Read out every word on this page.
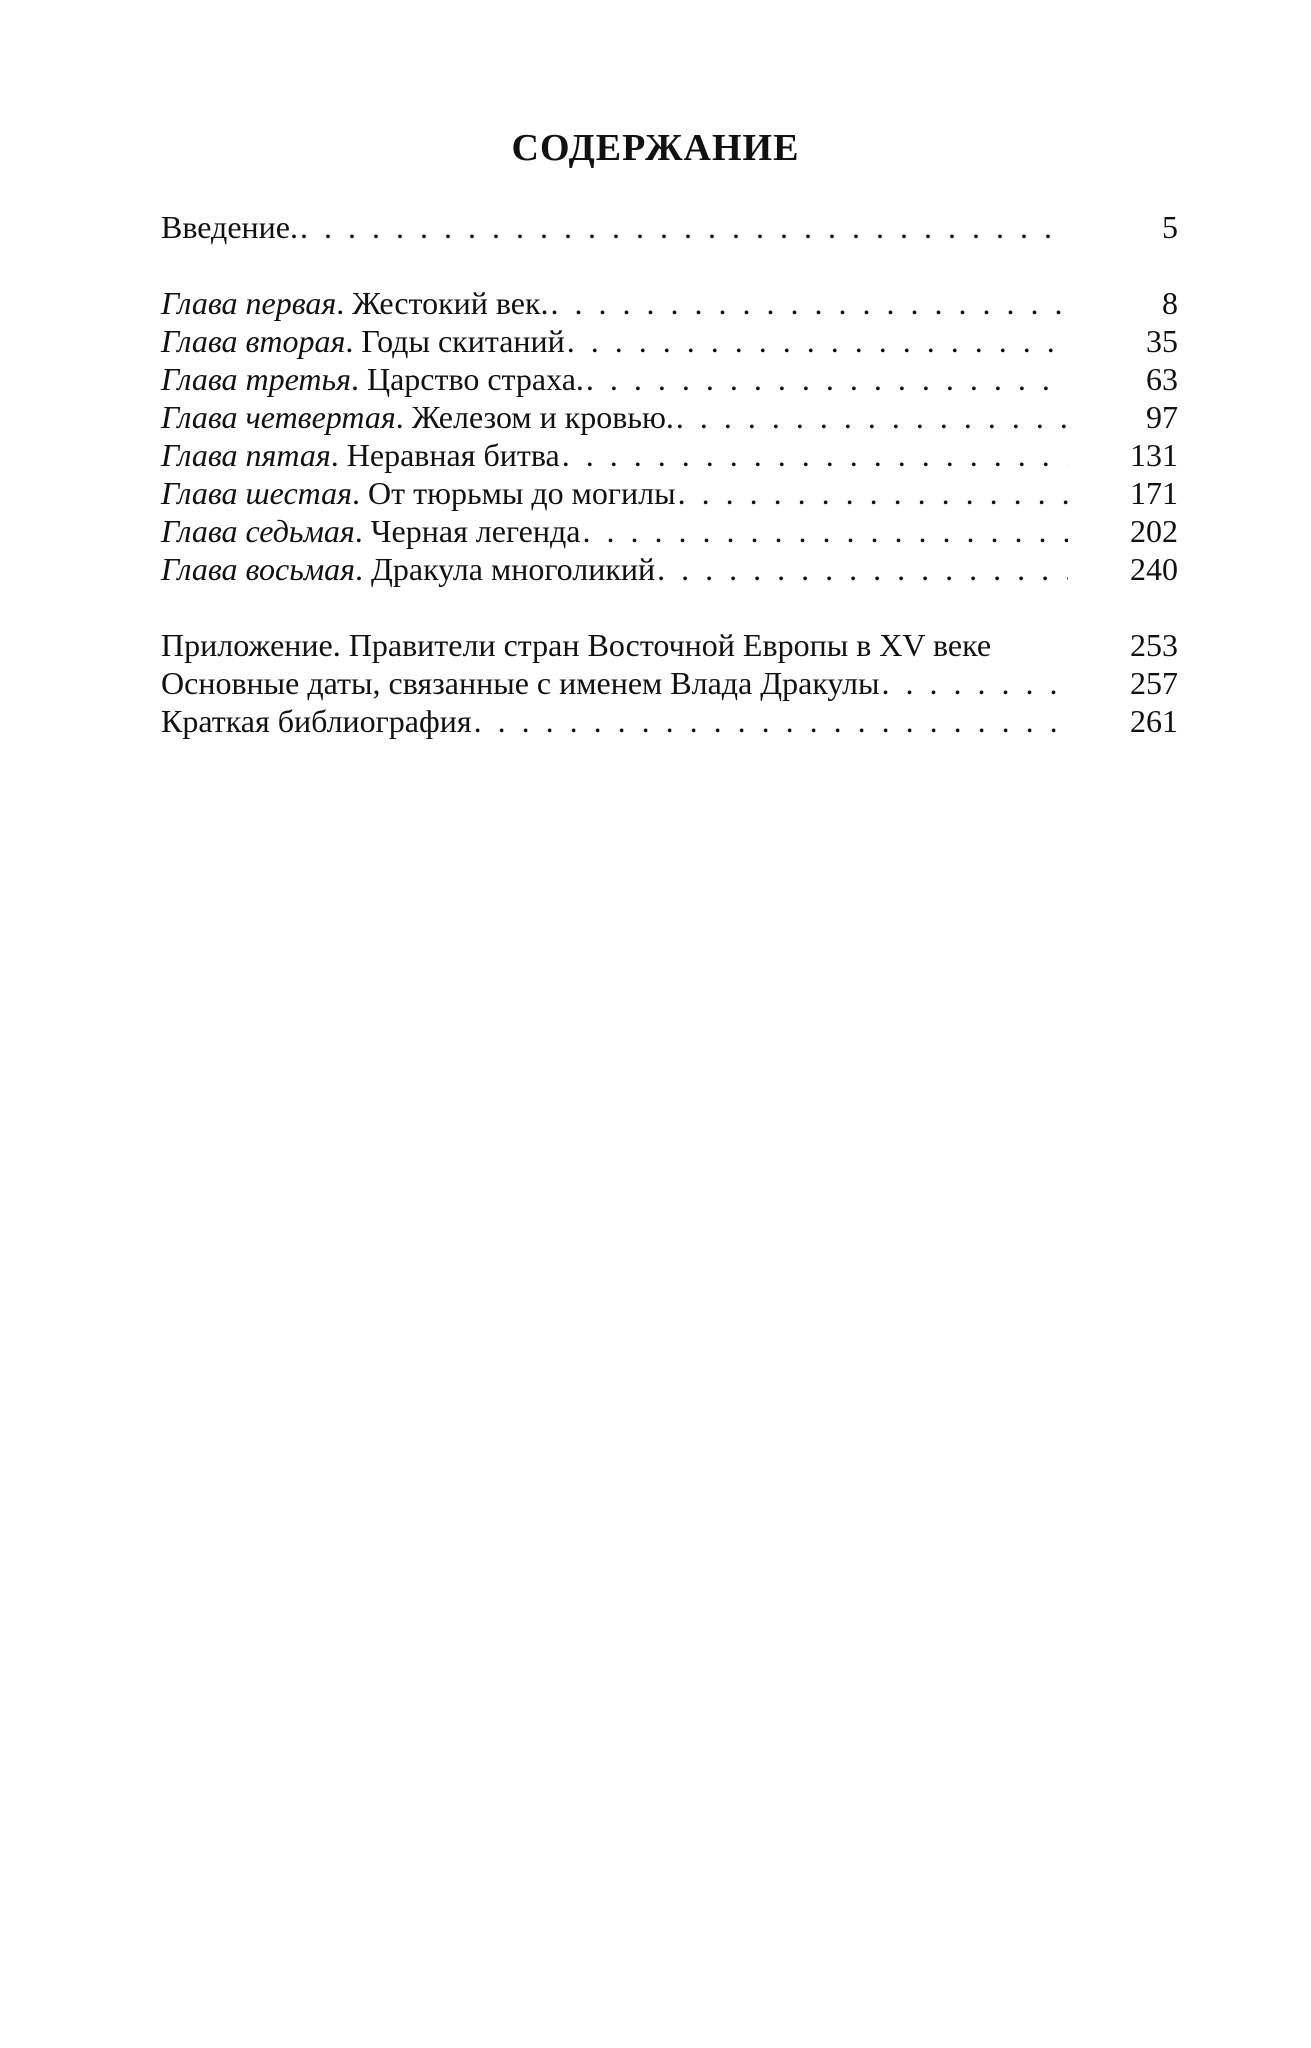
СОДЕРЖАНИЕ
Введение. . . .	5
Глава первая. Жестокий век. . . .	8
Глава вторая. Годы скитаний . . .	35
Глава третья. Царство страха. . . .	63
Глава четвертая. Железом и кровью. . . .	97
Глава пятая. Неравная битва . . .	131
Глава шестая. От тюрьмы до могилы . . .	171
Глава седьмая. Черная легенда . . .	202
Глава восьмая. Дракула многоликий . . .	240
Приложение. Правители стран Восточной Европы в XV веке	253
Основные даты, связанные с именем Влада Дракулы . . .	257
Краткая библиография . . .	261
